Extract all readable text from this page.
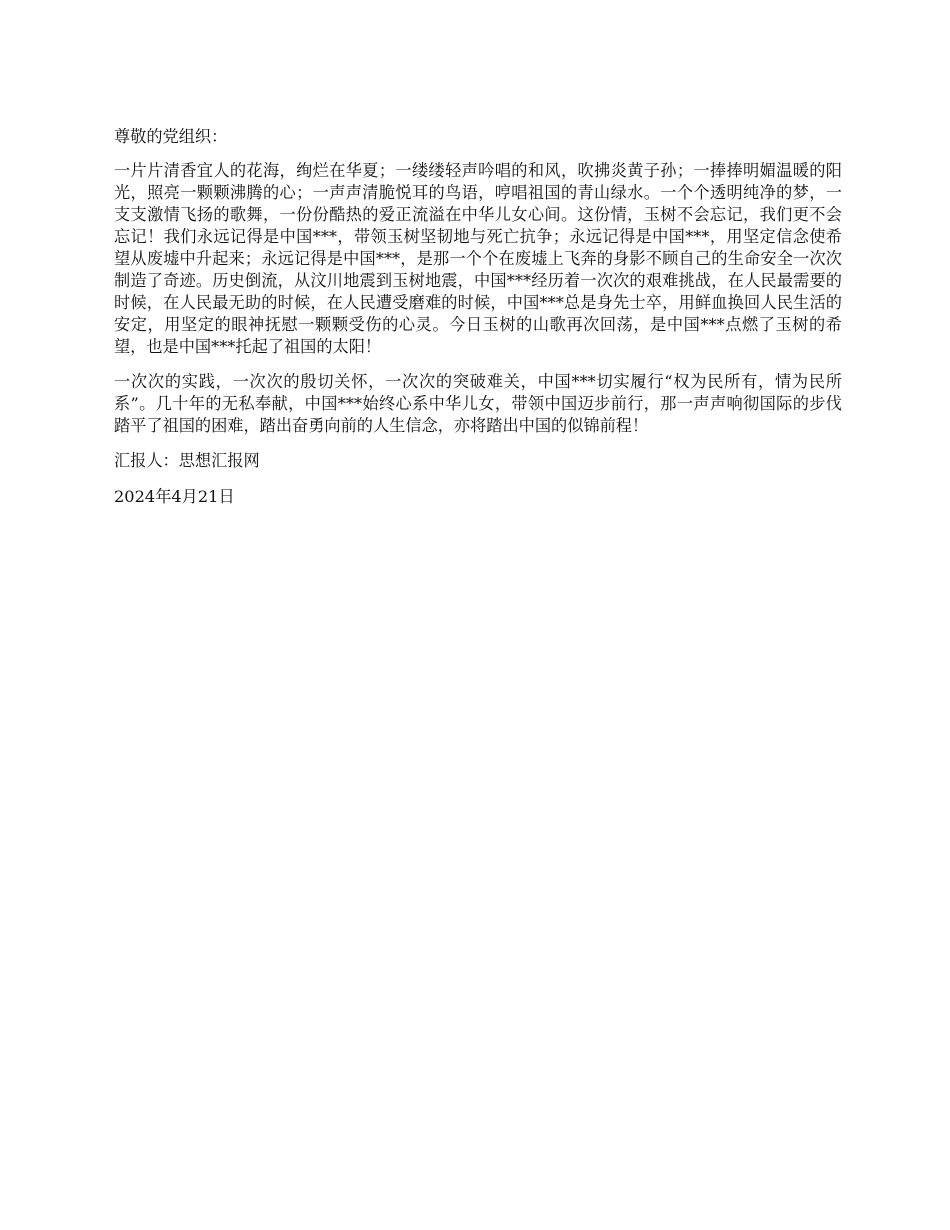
尊敬的党组织：

一片片清香宜人的花海，绚烂在华夏；一缕缕轻声吟唱的和风，吹拂炎黄子孙；一捧捧明媚温暖的阳光，照亮一颗颗沸腾的心；一声声清脆悦耳的鸟语，哼唱祖国的青山绿水。一个个透明纯净的梦，一支支激情飞扬的歌舞，一份份酷热的爱正流溢在中华儿女心间。这份情，玉树不会忘记，我们更不会忘记！我们永远记得是中国***，带领玉树坚韧地与死亡抗争；永远记得是中国***，用坚定信念使希望从废墟中升起来；永远记得是中国***，是那一个个在废墟上飞奔的身影不顾自己的生命安全一次次制造了奇迹。历史倒流，从汶川地震到玉树地震，中国***经历着一次次的艰难挑战，在人民最需要的时候，在人民最无助的时候，在人民遭受磨难的时候，中国***总是身先士卒，用鲜血换回人民生活的安定，用坚定的眼神抚慰一颗颗受伤的心灵。今日玉树的山歌再次回荡，是中国***点燃了玉树的希望，也是中国***托起了祖国的太阳！

一次次的实践，一次次的殷切关怀，一次次的突破难关，中国***切实履行“权为民所有，情为民所系”。几十年的无私奉献，中国***始终心系中华儿女，带领中国迈步前行，那一声声响彻国际的步伐踏平了祖国的困难，踏出奋勇向前的人生信念，亦将踏出中国的似锦前程！

汇报人：思想汇报网

2024年4月21日
